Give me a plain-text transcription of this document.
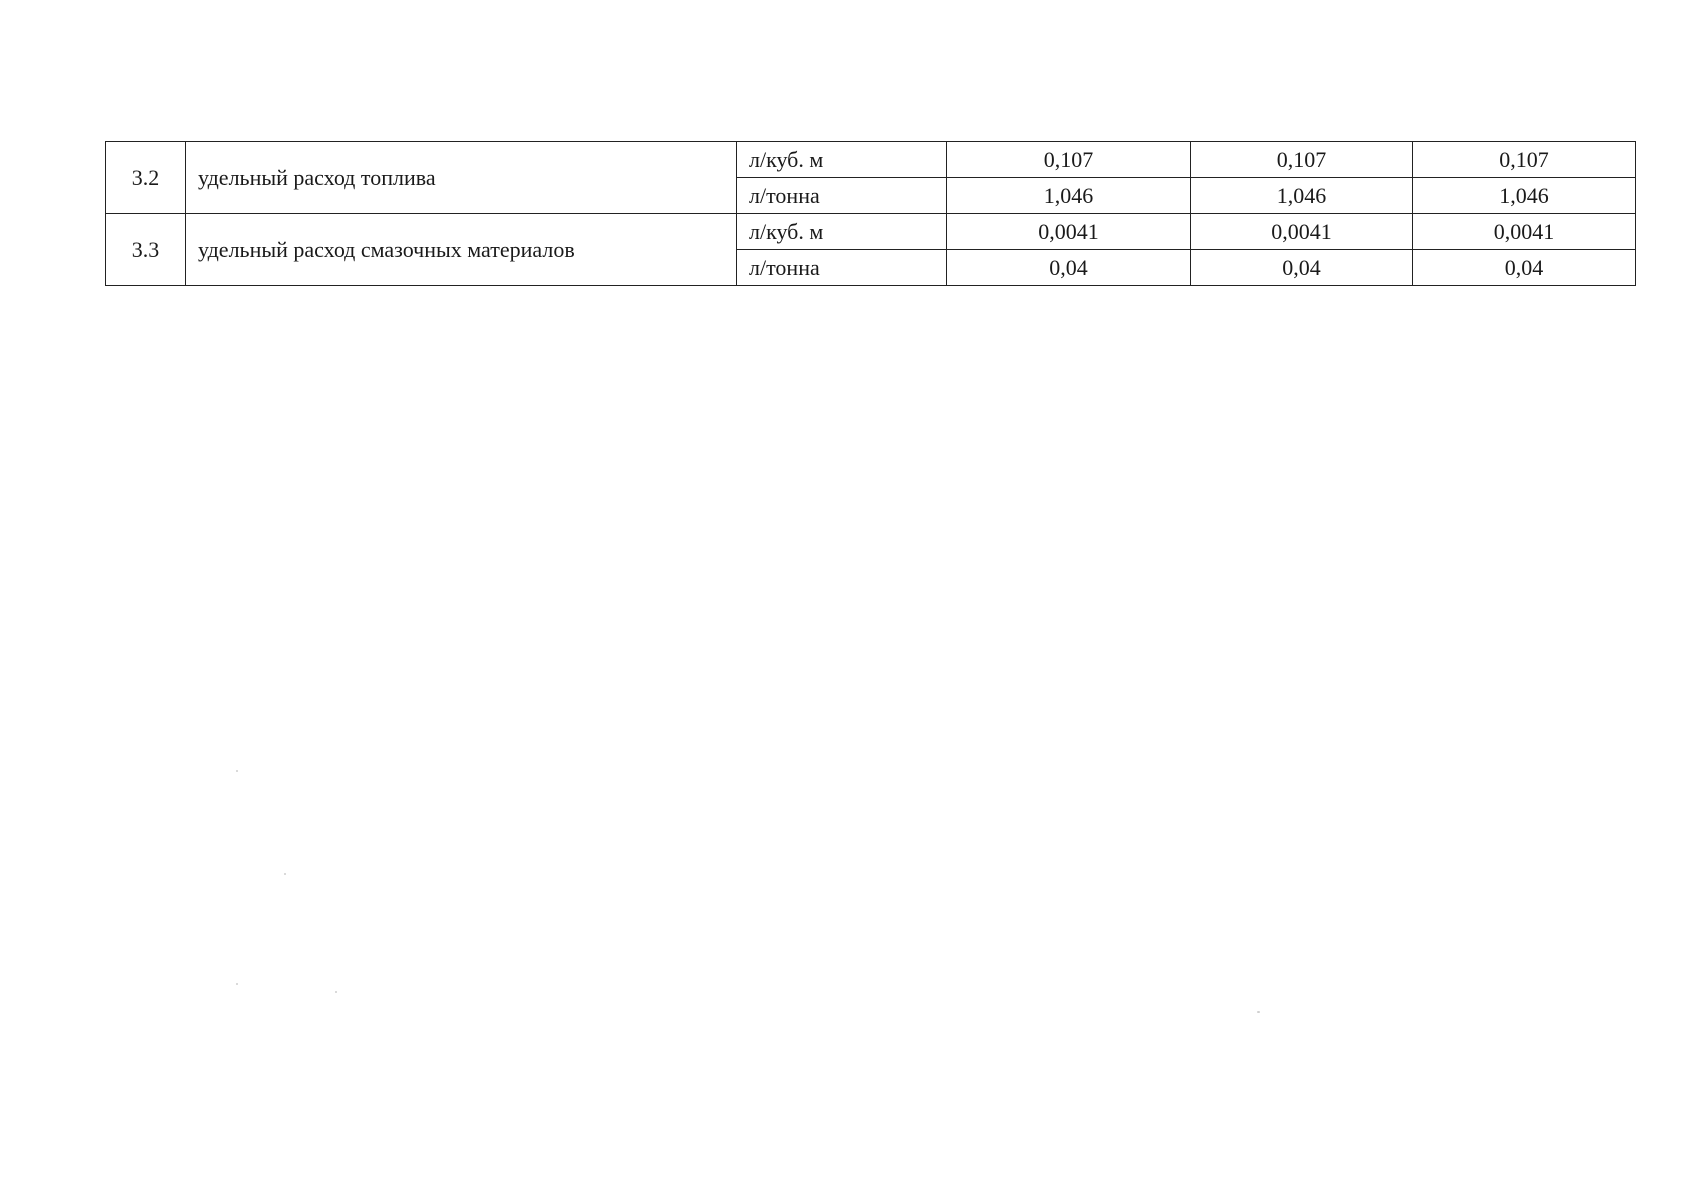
3.2	удельный расход топлива	л/куб. м	0,107	0,107	0,107
		л/тонна	1,046	1,046	1,046
3.3	удельный расход смазочных материалов	л/куб. м	0,0041	0,0041	0,0041
		л/тонна	0,04	0,04	0,04
